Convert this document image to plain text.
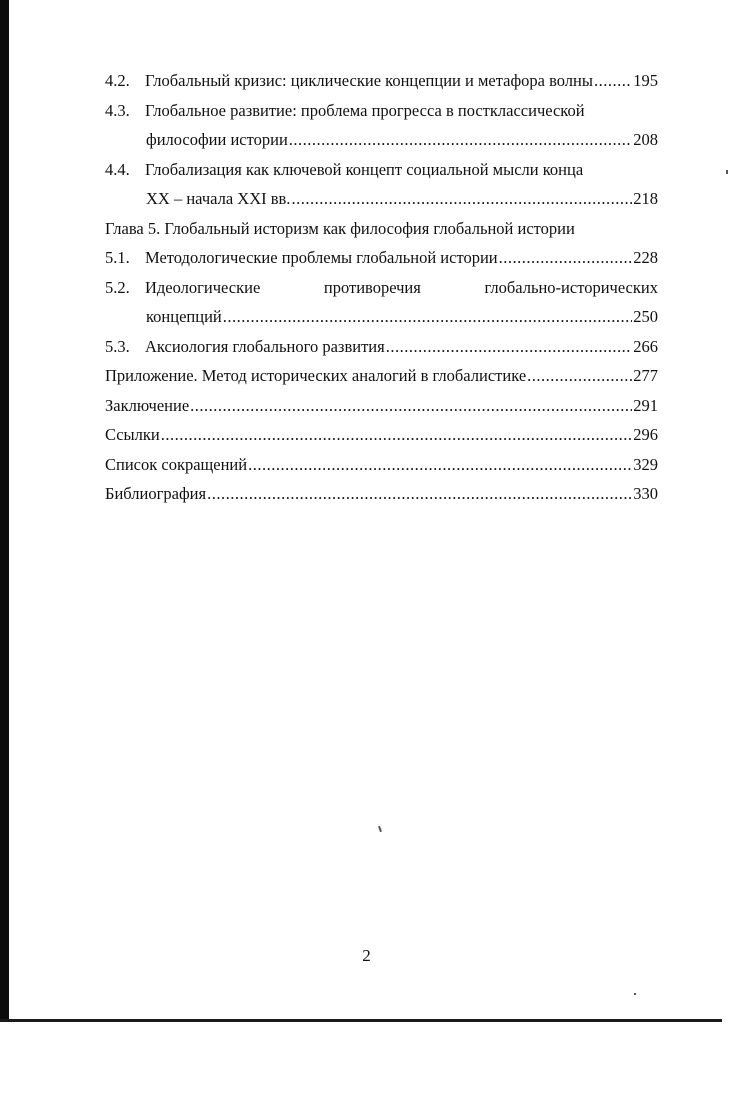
4.2. Глобальный кризис: циклические концепции и метафора волны ..... 195
4.3. Глобальное развитие: проблема прогресса в постклассической
философии истории .....	208
4.4. Глобализация как ключевой концепт социальной мысли конца
XX – начала XXI вв. .....	218
Глава 5. Глобальный историзм как философия глобальной истории
5.1. Методологические проблемы глобальной истории .....	228
5.2. Идеологические	противоречия	глобально-исторических
концепций .....	250
5.3. Аксиология глобального развития .....	266
Приложение. Метод исторических аналогий в глобалистике .....	277
Заключение .....	291
Ссылки .....	296
Список сокращений .....	329
Библиография .....	330
2
